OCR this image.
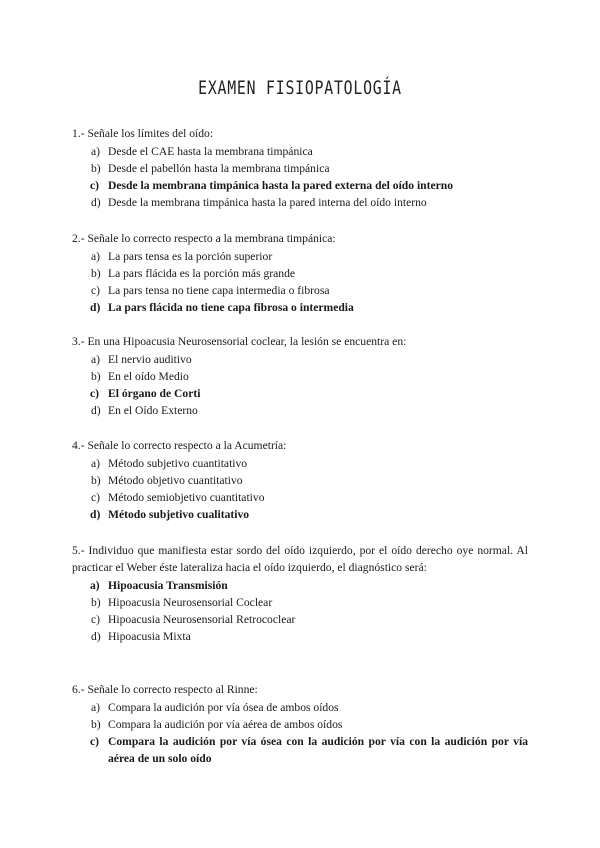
EXAMEN FISIOPATOLOGÍA

1.- Señale los límites del oído:

a) Desde el CAE hasta la membrana timpánica
b) Desde el pabellón hasta la membrana timpánica
c) Desde la membrana timpánica hasta la pared externa del oído interno
d) Desde la membrana timpánica hasta la pared interna del oído interno

2.- Señale lo correcto respecto a la membrana timpánica:

a) La pars tensa es la porción superior
b) La pars flácida es la porción más grande
c) La pars tensa no tiene capa intermedia o fibrosa
d) La pars flácida no tiene capa fibrosa o intermedia

3.- En una Hipoacusia Neurosensorial coclear, la lesión se encuentra en:

a) El nervio auditivo
b) En el oído Medio
c) El órgano de Corti
d) En el Oído Externo

4.- Señale lo correcto respecto a la Acumetría:

a) Método subjetivo cuantitativo
b) Método objetivo cuantitativo
c) Método semiobjetivo cuantitativo
d) Método subjetivo cualitativo

5.- Individuo que manifiesta estar sordo del oído izquierdo, por el oído derecho oye normal. Al practicar el Weber éste lateraliza hacia el oído izquierdo, el diagnóstico será:

a) Hipoacusia Transmisión
b) Hipoacusia Neurosensorial Coclear
c) Hipoacusia Neurosensorial Retrococlear
d) Hipoacusia Mixta

6.- Señale lo correcto respecto al Rinne:

a) Compara la audición por vía ósea de ambos oídos
b) Compara la audición por vía aérea de ambos oídos
c) Compara la audición por vía ósea con la audición por vía con la audición por vía aérea de un solo oído
